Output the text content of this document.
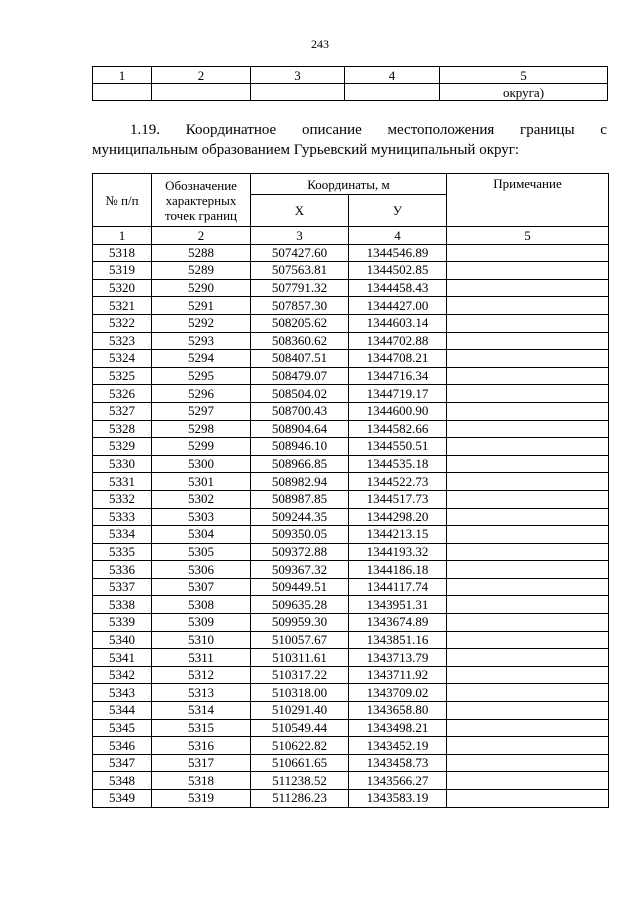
243
1	2	3	4	5
				округа)
1.19. Координатное описание местоположения границы с
муниципальным образованием Гурьевский муниципальный округ:
№ п/п	Обозначение характерных точек границ	Координаты, м		Примечание
		X	У	
1	2	3	4	5
5318	5288	507427.60	1344546.89	
5319	5289	507563.81	1344502.85	
5320	5290	507791.32	1344458.43	
5321	5291	507857.30	1344427.00	
5322	5292	508205.62	1344603.14	
5323	5293	508360.62	1344702.88	
5324	5294	508407.51	1344708.21	
5325	5295	508479.07	1344716.34	
5326	5296	508504.02	1344719.17	
5327	5297	508700.43	1344600.90	
5328	5298	508904.64	1344582.66	
5329	5299	508946.10	1344550.51	
5330	5300	508966.85	1344535.18	
5331	5301	508982.94	1344522.73	
5332	5302	508987.85	1344517.73	
5333	5303	509244.35	1344298.20	
5334	5304	509350.05	1344213.15	
5335	5305	509372.88	1344193.32	
5336	5306	509367.32	1344186.18	
5337	5307	509449.51	1344117.74	
5338	5308	509635.28	1343951.31	
5339	5309	509959.30	1343674.89	
5340	5310	510057.67	1343851.16	
5341	5311	510311.61	1343713.79	
5342	5312	510317.22	1343711.92	
5343	5313	510318.00	1343709.02	
5344	5314	510291.40	1343658.80	
5345	5315	510549.44	1343498.21	
5346	5316	510622.82	1343452.19	
5347	5317	510661.65	1343458.73	
5348	5318	511238.52	1343566.27	
5349	5319	511286.23	1343583.19	
